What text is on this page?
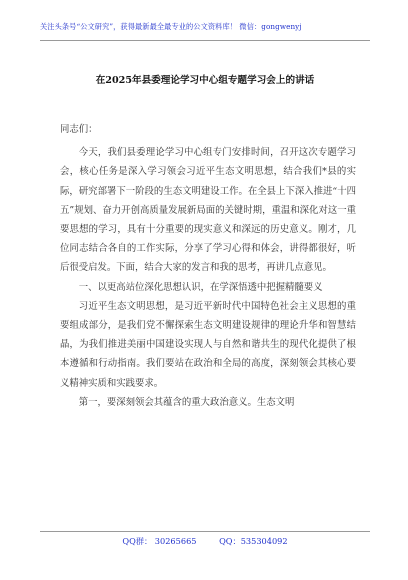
关注头条号“公文研究”，获得最新最全最专业的公文资料库！ 微信：gongwenyj
在2025年县委理论学习中心组专题学习会上的讲话

同志们：

今天，我们县委理论学习中心组专门安排时间，召开这次专题学习会，核心任务是深入学习领会习近平生态文明思想，结合我们*县的实际，研究部署下一阶段的生态文明建设工作。在全县上下深入推进“十四五”规划、奋力开创高质量发展新局面的关键时期，重温和深化对这一重要思想的学习，具有十分重要的现实意义和深远的历史意义。刚才，几位同志结合各自的工作实际，分享了学习心得和体会，讲得都很好，听后很受启发。下面，结合大家的发言和我的思考，再讲几点意见。

一、以更高站位深化思想认识，在学深悟透中把握精髓要义

习近平生态文明思想，是习近平新时代中国特色社会主义思想的重要组成部分，是我们党不懈探索生态文明建设规律的理论升华和智慧结晶，为我们推进美丽中国建设实现人与自然和谐共生的现代化提供了根本遵循和行动指南。我们要站在政治和全局的高度，深刻领会其核心要义精神实质和实践要求。

第一，要深刻领会其蕴含的重大政治意义。生态文明

QQ群： 30265665	QQ：535304092
